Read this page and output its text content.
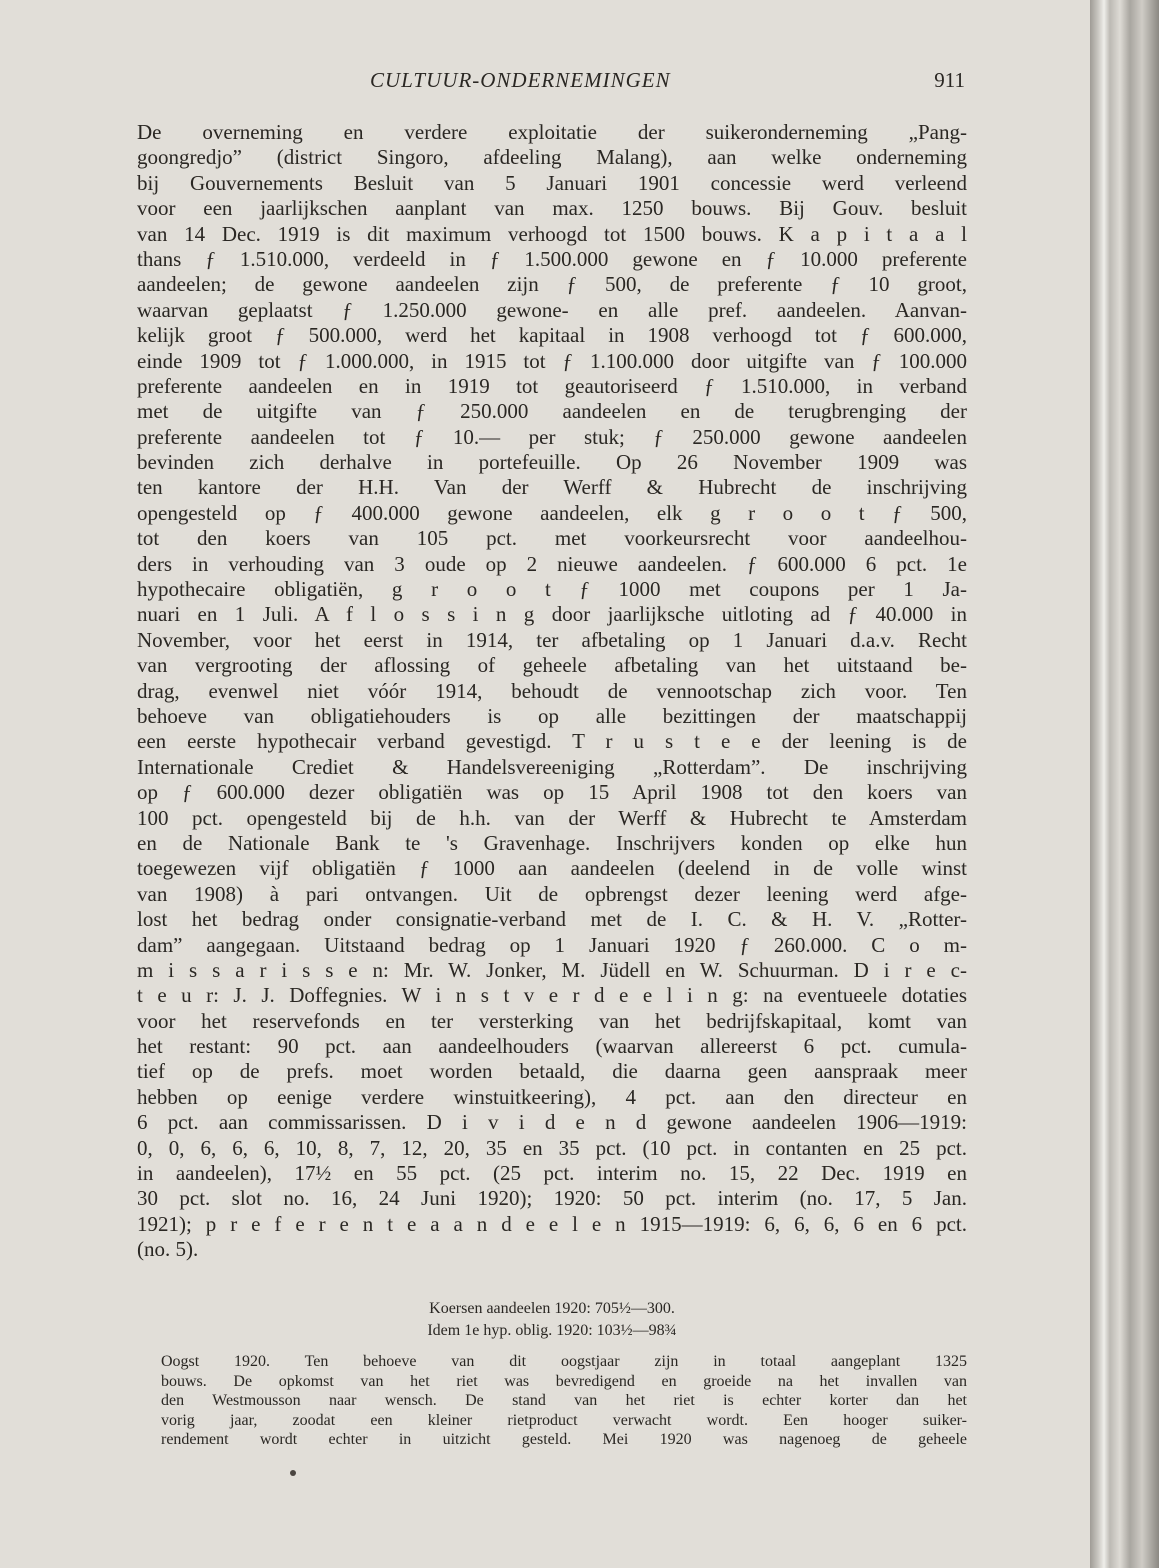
CULTUUR-ONDERNEMINGEN	911
De overneming en verdere exploitatie der suikeronderneming „Pang-
goongredjo” (district Singoro, afdeeling Malang), aan welke onderneming
bij Gouvernements Besluit van 5 Januari 1901 concessie werd verleend
voor een jaarlijkschen aanplant van max. 1250 bouws. Bij Gouv. besluit
van 14 Dec. 1919 is dit maximum verhoogd tot 1500 bouws. K a p i t a a l
thans ƒ 1.510.000, verdeeld in ƒ 1.500.000 gewone en ƒ 10.000 preferente
aandeelen; de gewone aandeelen zijn ƒ 500, de preferente ƒ 10 groot,
waarvan geplaatst ƒ 1.250.000 gewone- en alle pref. aandeelen. Aanvan-
kelijk groot ƒ 500.000, werd het kapitaal in 1908 verhoogd tot ƒ 600.000,
einde 1909 tot ƒ 1.000.000, in 1915 tot ƒ 1.100.000 door uitgifte van ƒ 100.000
preferente aandeelen en in 1919 tot geautoriseerd ƒ 1.510.000, in verband
met de uitgifte van ƒ 250.000 aandeelen en de terugbrenging der
preferente aandeelen tot ƒ 10.— per stuk; ƒ 250.000 gewone aandeelen
bevinden zich derhalve in portefeuille. Op 26 November 1909 was
ten kantore der H.H. Van der Werff & Hubrecht de inschrijving
opengesteld op ƒ 400.000 gewone aandeelen, elk g r o o t ƒ 500,
tot den koers van 105 pct. met voorkeursrecht voor aandeelhou-
ders in verhouding van 3 oude op 2 nieuwe aandeelen. ƒ 600.000 6 pct. 1e
hypothecaire obligatiën, g r o o t ƒ 1000 met coupons per 1 Ja-
nuari en 1 Juli. A f l o s s i n g door jaarlijksche uitloting ad ƒ 40.000 in
November, voor het eerst in 1914, ter afbetaling op 1 Januari d.a.v. Recht
van vergrooting der aflossing of geheele afbetaling van het uitstaand be-
drag, evenwel niet vóór 1914, behoudt de vennootschap zich voor. Ten
behoeve van obligatiehouders is op alle bezittingen der maatschappij
een eerste hypothecair verband gevestigd. T r u s t e e der leening is de
Internationale Crediet & Handelsvereeniging „Rotterdam”. De inschrijving
op ƒ 600.000 dezer obligatiën was op 15 April 1908 tot den koers van
100 pct. opengesteld bij de h.h. van der Werff & Hubrecht te Amsterdam
en de Nationale Bank te 's Gravenhage. Inschrijvers konden op elke hun
toegewezen vijf obligatiën ƒ 1000 aan aandeelen (deelend in de volle winst
van 1908) à pari ontvangen. Uit de opbrengst dezer leening werd afge-
lost het bedrag onder consignatie-verband met de I. C. & H. V. „Rotter-
dam” aangegaan. Uitstaand bedrag op 1 Januari 1920 ƒ 260.000. C o m-
m i s s a r i s s e n: Mr. W. Jonker, M. Jüdell en W. Schuurman. D i r e c-
t e u r: J. J. Doffegnies. W i n s t v e r d e e l i n g: na eventueele dotaties
voor het reservefonds en ter versterking van het bedrijfskapitaal, komt van
het restant: 90 pct. aan aandeelhouders (waarvan allereerst 6 pct. cumula-
tief op de prefs. moet worden betaald, die daarna geen aanspraak meer
hebben op eenige verdere winstuitkeering), 4 pct. aan den directeur en
6 pct. aan commissarissen. D i v i d e n d gewone aandeelen 1906—1919:
0, 0, 6, 6, 6, 10, 8, 7, 12, 20, 35 en 35 pct. (10 pct. in contanten en 25 pct.
in aandeelen), 17½ en 55 pct. (25 pct. interim no. 15, 22 Dec. 1919 en
30 pct. slot no. 16, 24 Juni 1920); 1920: 50 pct. interim (no. 17, 5 Jan.
1921); p r e f e r e n t e a a n d e e l e n 1915—1919: 6, 6, 6, 6 en 6 pct.
(no. 5).
Koersen aandeelen 1920: 705½—300.
Idem 1e hyp. oblig. 1920: 103½—98¾
Oogst 1920. Ten behoeve van dit oogstjaar zijn in totaal aangeplant 1325
bouws. De opkomst van het riet was bevredigend en groeide na het invallen van
den Westmousson naar wensch. De stand van het riet is echter korter dan het
vorig jaar, zoodat een kleiner rietproduct verwacht wordt. Een hooger suiker-
rendement wordt echter in uitzicht gesteld. Mei 1920 was nagenoeg de geheele
